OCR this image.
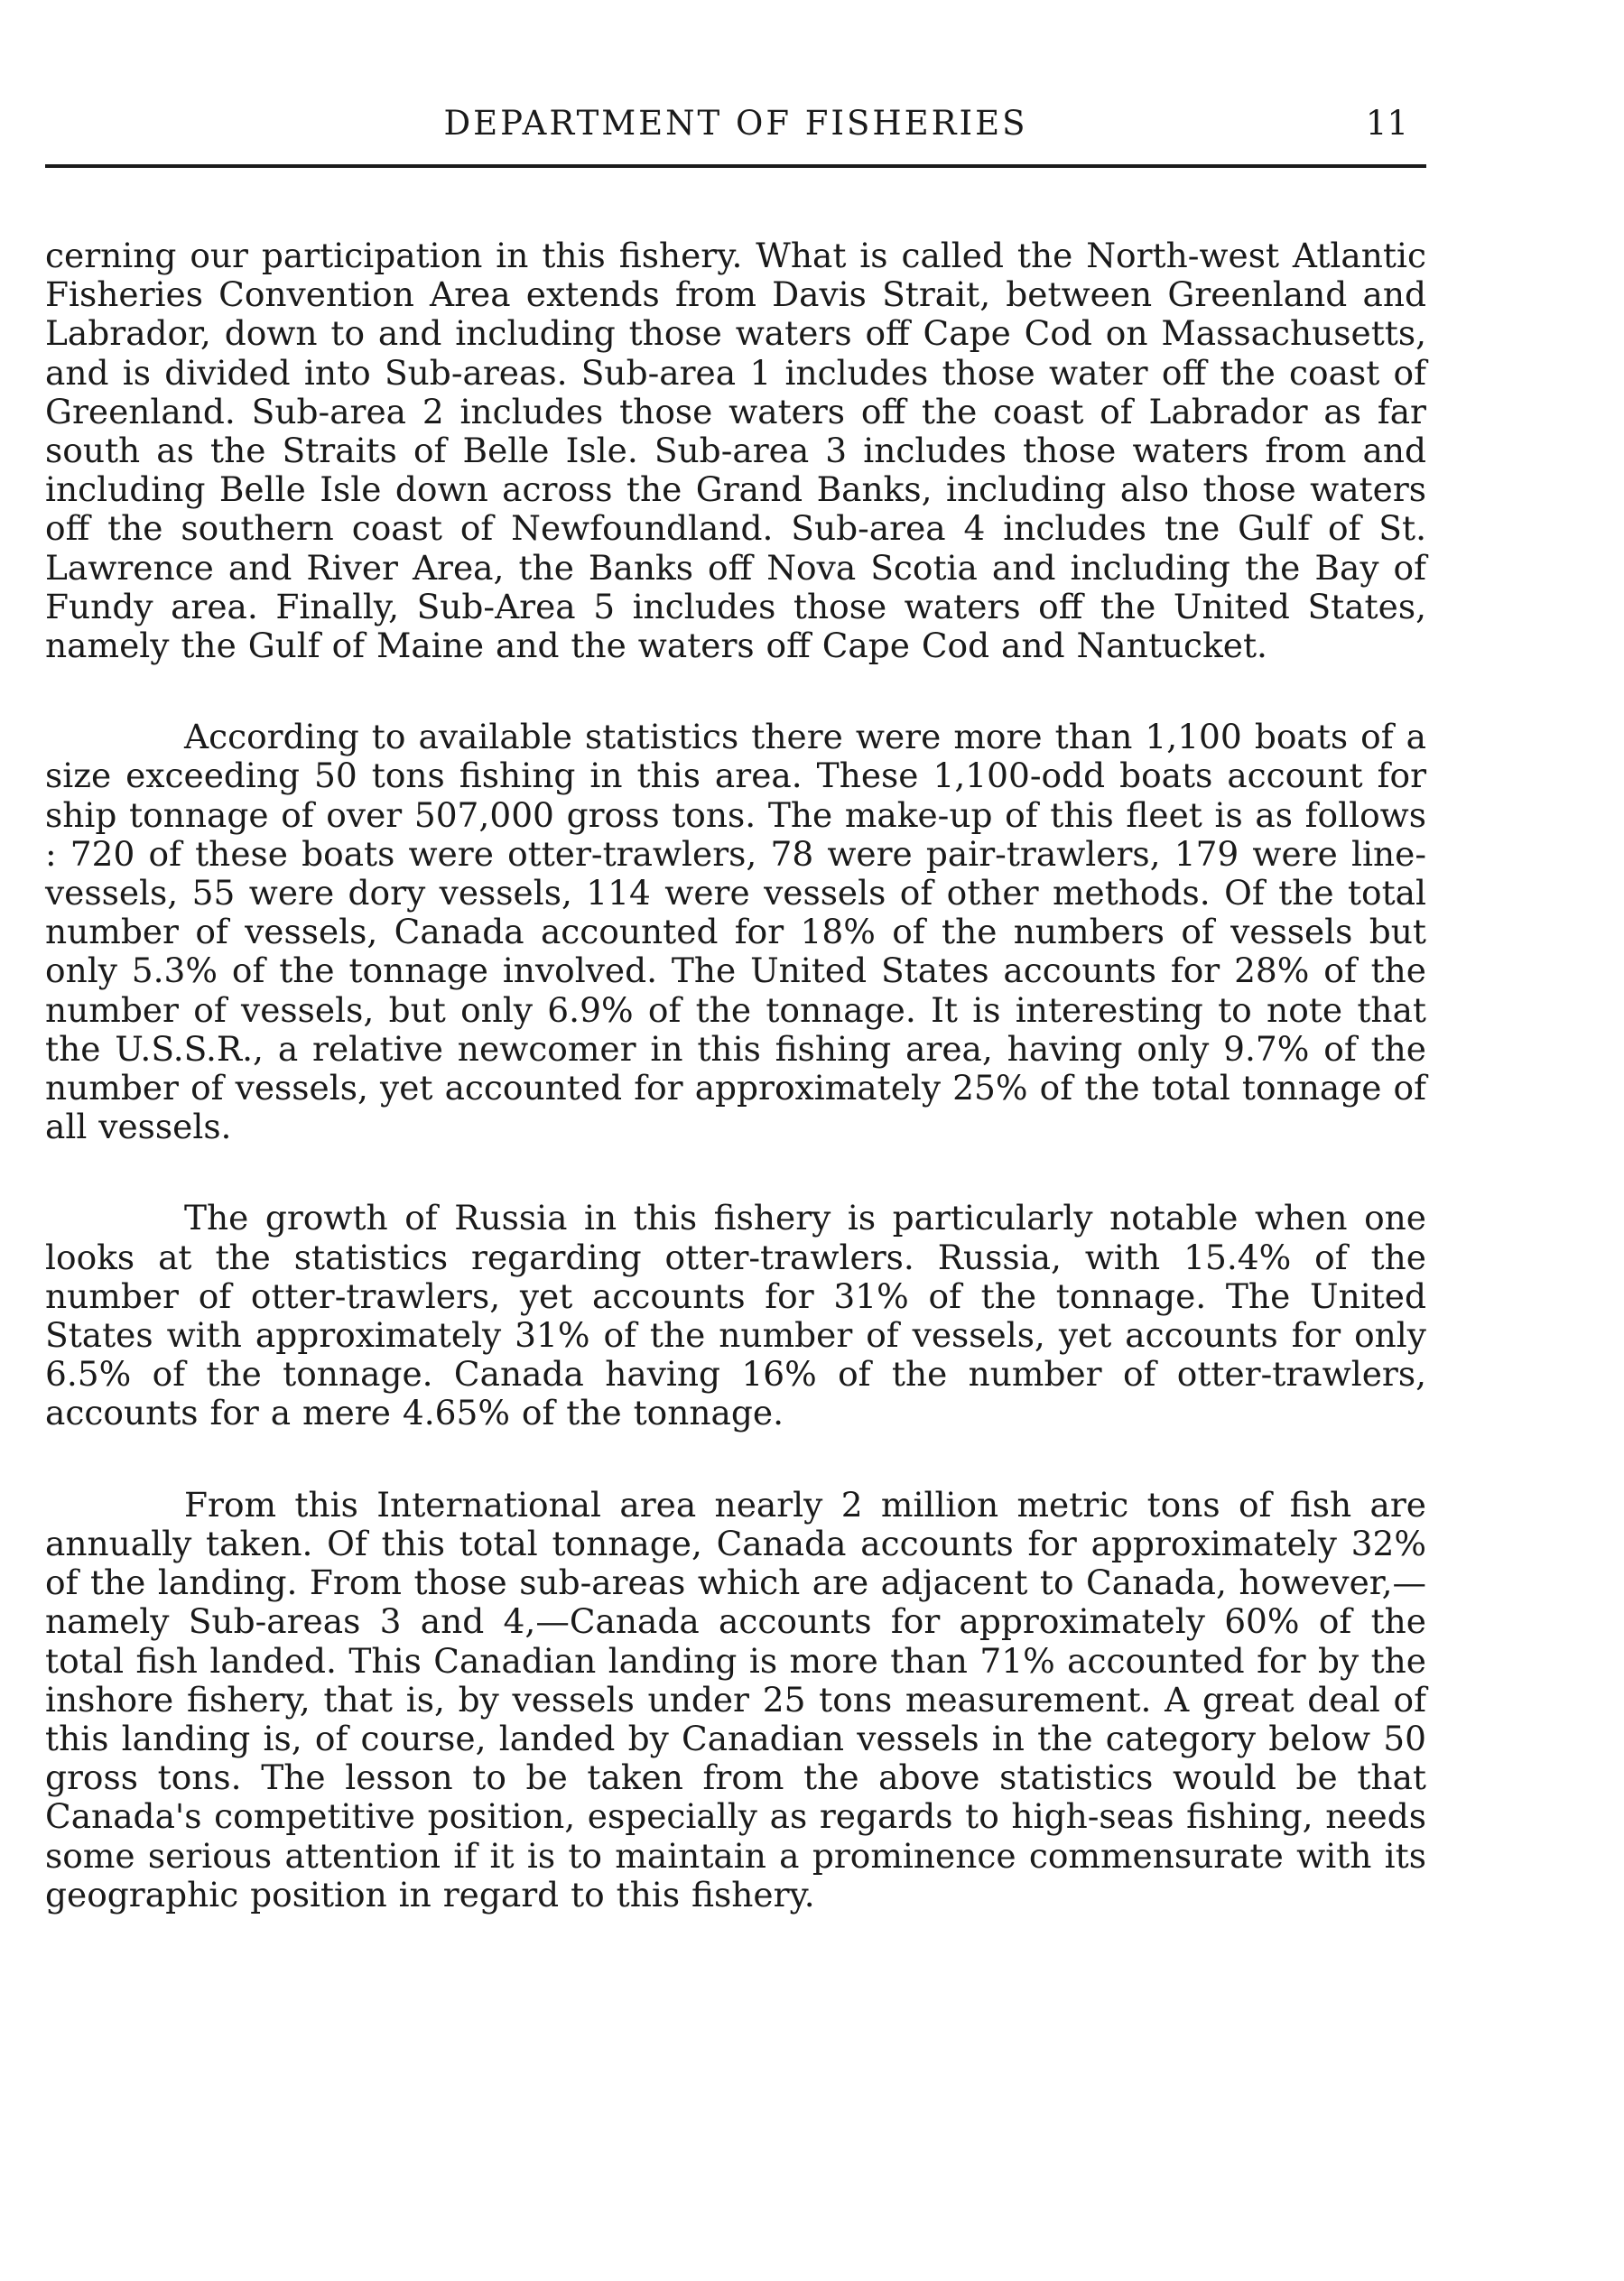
DEPARTMENT OF FISHERIES	11

cerning our participation in this fishery. What is called the North-west Atlantic Fisheries Convention Area extends from Davis Strait, between Greenland and Labrador, down to and including those waters off Cape Cod on Massachusetts, and is divided into Sub-areas. Sub-area 1 includes those water off the coast of Greenland. Sub-area 2 includes those waters off the coast of Labrador as far south as the Straits of Belle Isle. Sub-area 3 includes those waters from and including Belle Isle down across the Grand Banks, including also those waters off the southern coast of Newfoundland. Sub-area 4 includes tne Gulf of St. Lawrence and River Area, the Banks off Nova Scotia and including the Bay of Fundy area. Finally, Sub-Area 5 includes those waters off the United States, namely the Gulf of Maine and the waters off Cape Cod and Nantucket.

According to available statistics there were more than 1,100 boats of a size exceeding 50 tons fishing in this area. These 1,100-odd boats account for ship tonnage of over 507,000 gross tons. The make-up of this fleet is as follows : 720 of these boats were otter-trawlers, 78 were pair-trawlers, 179 were line-vessels, 55 were dory vessels, 114 were vessels of other methods. Of the total number of vessels, Canada accounted for 18% of the numbers of vessels but only 5.3% of the tonnage involved. The United States accounts for 28% of the number of vessels, but only 6.9% of the tonnage. It is interesting to note that the U.S.S.R., a relative newcomer in this fishing area, having only 9.7% of the number of vessels, yet accounted for approximately 25% of the total tonnage of all vessels.

The growth of Russia in this fishery is particularly notable when one looks at the statistics regarding otter-trawlers. Russia, with 15.4% of the number of otter-trawlers, yet accounts for 31% of the tonnage. The United States with approximately 31% of the number of vessels, yet accounts for only 6.5% of the tonnage. Canada having 16% of the number of otter-trawlers, accounts for a mere 4.65% of the tonnage.

From this International area nearly 2 million metric tons of fish are annually taken. Of this total tonnage, Canada accounts for approximately 32% of the landing. From those sub-areas which are adjacent to Canada, however,—namely Sub-areas 3 and 4,—Canada accounts for approximately 60% of the total fish landed. This Canadian landing is more than 71% accounted for by the inshore fishery, that is, by vessels under 25 tons measurement. A great deal of this landing is, of course, landed by Canadian vessels in the category below 50 gross tons. The lesson to be taken from the above statistics would be that Canada's competitive position, especially as regards to high-seas fishing, needs some serious attention if it is to maintain a prominence commensurate with its geographic position in regard to this fishery.
